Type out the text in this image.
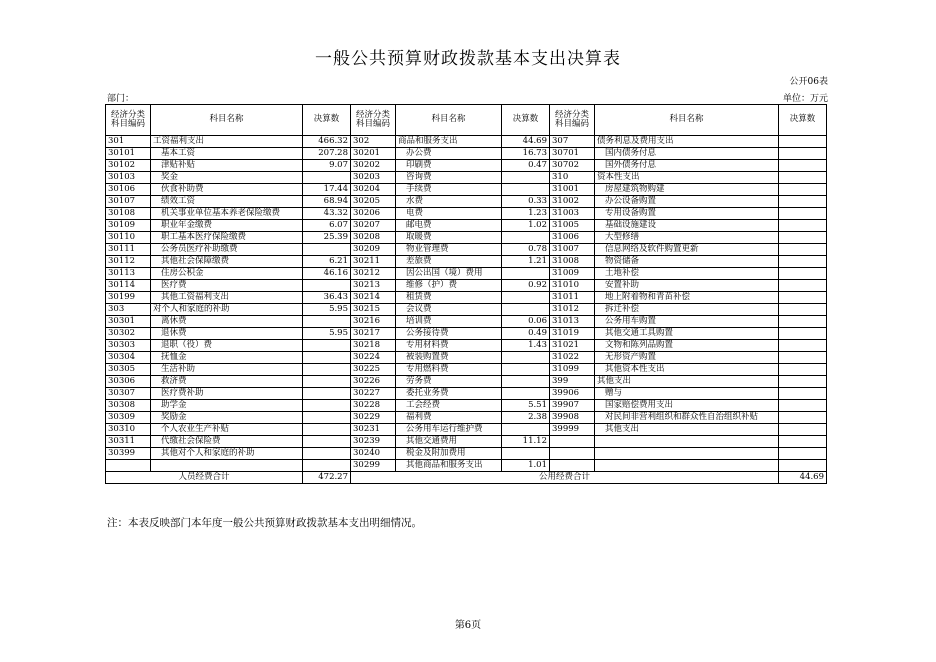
一般公共预算财政拨款基本支出决算表
公开06表
部门：	单位：万元
经济分类科目编码	科目名称	决算数	经济分类科目编码	科目名称	决算数	经济分类科目编码	科目名称	决算数
301	工资福利支出	466.32	302	商品和服务支出	44.69	307	债务利息及费用支出	
30101	基本工资	207.28	30201	办公费	16.73	30701	国内债务付息	
30102	津贴补贴	9.07	30202	印刷费	0.47	30702	国外债务付息	
30103	奖金		30203	咨询费		310	资本性支出	
30106	伙食补助费	17.44	30204	手续费		31001	房屋建筑物购建	
30107	绩效工资	68.94	30205	水费	0.33	31002	办公设备购置	
30108	机关事业单位基本养老保险缴费	43.32	30206	电费	1.23	31003	专用设备购置	
30109	职业年金缴费	6.07	30207	邮电费	1.02	31005	基础设施建设	
30110	职工基本医疗保险缴费	25.39	30208	取暖费		31006	大型修缮	
30111	公务员医疗补助缴费		30209	物业管理费	0.78	31007	信息网络及软件购置更新	
30112	其他社会保障缴费	6.21	30211	差旅费	1.21	31008	物资储备	
30113	住房公积金	46.16	30212	因公出国（境）费用		31009	土地补偿	
30114	医疗费		30213	维修（护）费	0.92	31010	安置补助	
30199	其他工资福利支出	36.43	30214	租赁费		31011	地上附着物和青苗补偿	
303	对个人和家庭的补助	5.95	30215	会议费		31012	拆迁补偿	
30301	离休费		30216	培训费	0.06	31013	公务用车购置	
30302	退休费	5.95	30217	公务接待费	0.49	31019	其他交通工具购置	
30303	退职（役）费		30218	专用材料费	1.43	31021	文物和陈列品购置	
30304	抚恤金		30224	被装购置费		31022	无形资产购置	
30305	生活补助		30225	专用燃料费		31099	其他资本性支出	
30306	救济费		30226	劳务费		399	其他支出	
30307	医疗费补助		30227	委托业务费		39906	赠与	
30308	助学金		30228	工会经费	5.51	39907	国家赔偿费用支出	
30309	奖励金		30229	福利费	2.38	39908	对民间非营利组织和群众性自治组织补贴	
30310	个人农业生产补贴		30231	公务用车运行维护费		39999	其他支出	
30311	代缴社会保险费		30239	其他交通费用	11.12			
30399	其他对个人和家庭的补助		30240	税金及附加费用				
			30299	其他商品和服务支出	1.01			
人员经费合计		472.27	公用经费合计					44.69
注：本表反映部门本年度一般公共预算财政拨款基本支出明细情况。
第6页
